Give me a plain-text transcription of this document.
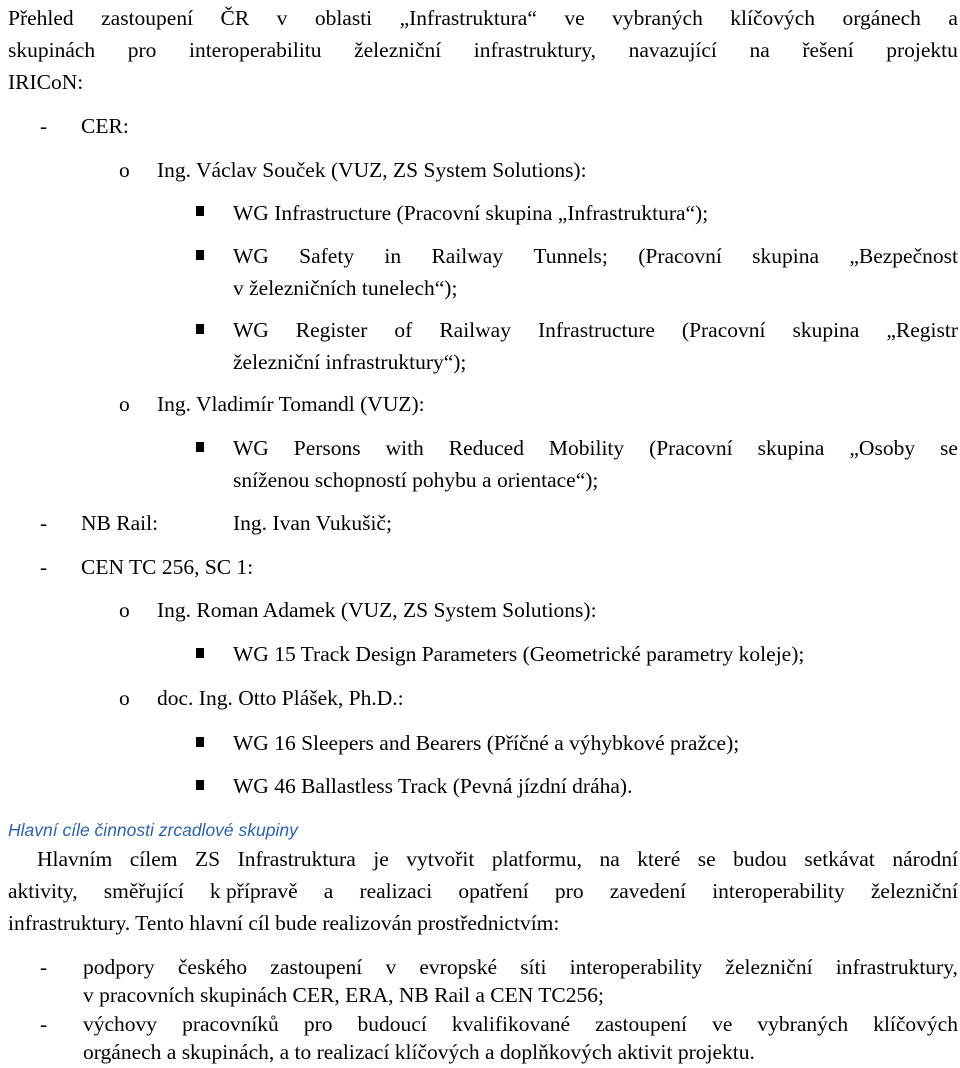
Přehled zastoupení ČR v oblasti „Infrastruktura“ ve vybraných klíčových orgánech a
skupinách pro interoperabilitu železniční infrastruktury, navazující na řešení projektu
IRICoN:
- CER:
o Ing. Václav Souček (VUZ, ZS System Solutions):
WG Infrastructure (Pracovní skupina „Infrastruktura“);
WG Safety in Railway Tunnels; (Pracovní skupina „Bezpečnost
v železničních tunelech“);
WG Register of Railway Infrastructure (Pracovní skupina „Registr
železniční infrastruktury“);
o Ing. Vladimír Tomandl (VUZ):
WG Persons with Reduced Mobility (Pracovní skupina „Osoby se
sníženou schopností pohybu a orientace“);
- NB Rail:	Ing. Ivan Vukušič;
- CEN TC 256, SC 1:
o Ing. Roman Adamek (VUZ, ZS System Solutions):
WG 15 Track Design Parameters (Geometrické parametry koleje);
o doc. Ing. Otto Plášek, Ph.D.:
WG 16 Sleepers and Bearers (Příčné a výhybkové pražce);
WG 46 Ballastless Track (Pevná jízdní dráha).
Hlavní cíle činnosti zrcadlové skupiny
Hlavním cílem ZS Infrastruktura je vytvořit platformu, na které se budou setkávat národní
aktivity, směřující k přípravě a realizaci opatření pro zavedení interoperability železniční
infrastruktury. Tento hlavní cíl bude realizován prostřednictvím:
- podpory českého zastoupení v evropské síti interoperability železniční infrastruktury,
v pracovních skupinách CER, ERA, NB Rail a CEN TC256;
- výchovy pracovníků pro budoucí kvalifikované zastoupení ve vybraných klíčových
orgánech a skupinách, a to realizací klíčových a doplňkových aktivit projektu.
